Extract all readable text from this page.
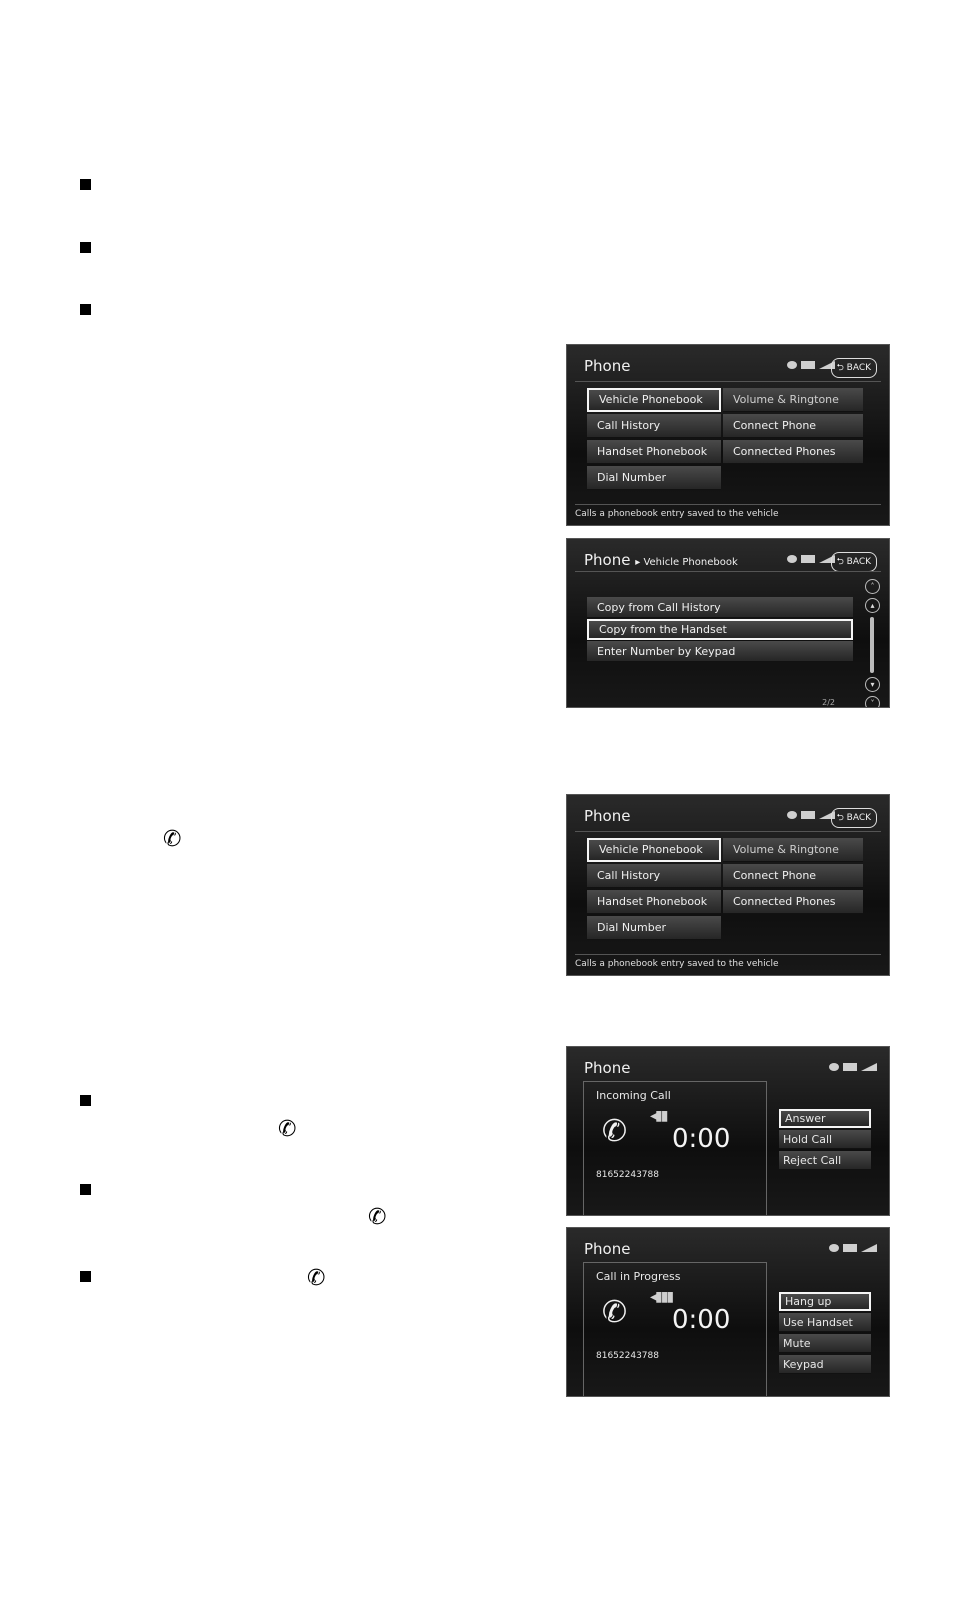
Phone	⮌ BACK
Vehicle Phonebook
Call History
Handset Phonebook
Dial Number
Volume & Ringtone
Connect Phone
Connected Phones
Calls a phonebook entry saved to the vehicle
Phone ▸ Vehicle Phonebook	⮌ BACK
Copy from Call History
Copy from the Handset
Enter Number by Keypad
˄
▴
▾
˅
2/2
✆
Phone	⮌ BACK
Vehicle Phonebook
Call History
Handset Phonebook
Dial Number
Volume & Ringtone
Connect Phone
Connected Phones
Calls a phonebook entry saved to the vehicle
✆
✆
✆
Phone
Incoming Call
✆ ◂▮▮
0:00
81652243788
Answer
Hold Call
Reject Call
Phone
Call in Progress
✆ ◂▮▮▮
0:00
81652243788
Hang up
Use Handset
Mute
Keypad
